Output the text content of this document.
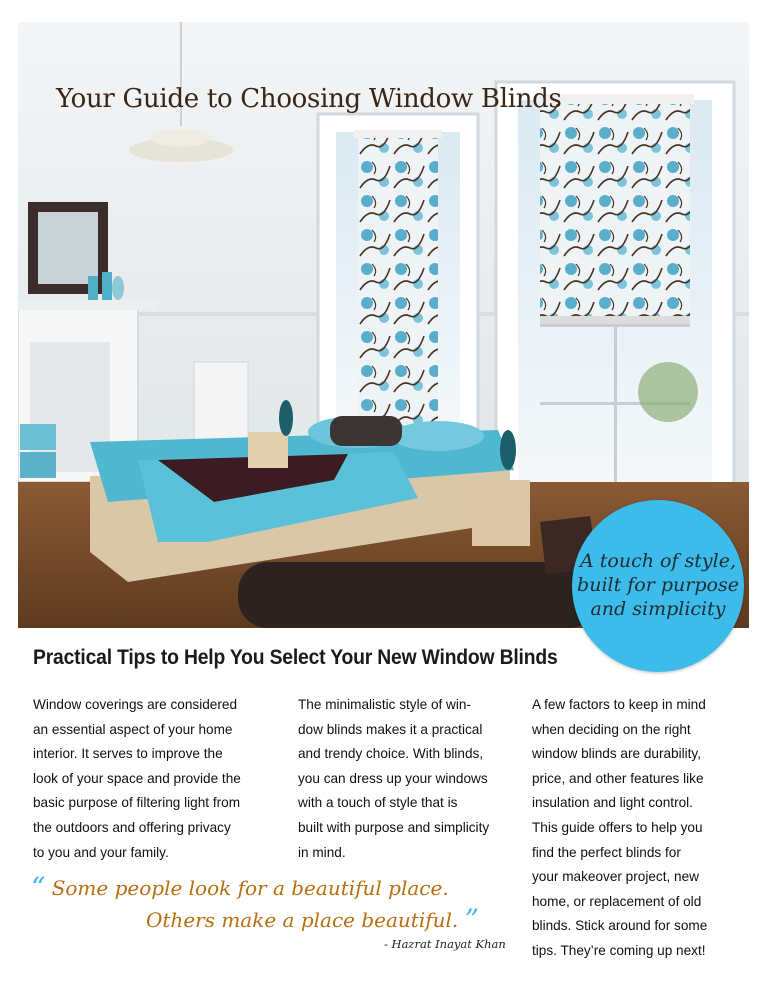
Your Guide to Choosing Window Blinds
A touch of style,
built for purpose
and simplicity
Practical Tips to Help You Select Your New Window Blinds

Window coverings are considered
an essential aspect of your home
interior. It serves to improve the
look of your space and provide the
basic purpose of filtering light from
the outdoors and offering privacy
to you and your family.

The minimalistic style of win-
dow blinds makes it a practical
and trendy choice. With blinds,
you can dress up your windows
with a touch of style that is
built with purpose and simplicity
in mind.

A few factors to keep in mind
when deciding on the right
window blinds are durability,
price, and other features like
insulation and light control.
This guide offers to help you
find the perfect blinds for
your makeover project, new
home, or replacement of old
blinds. Stick around for some
tips. They’re coming up next!

“ Some people look for a beautiful place.
Others make a place beautiful. ”
- Hazrat Inayat Khan
